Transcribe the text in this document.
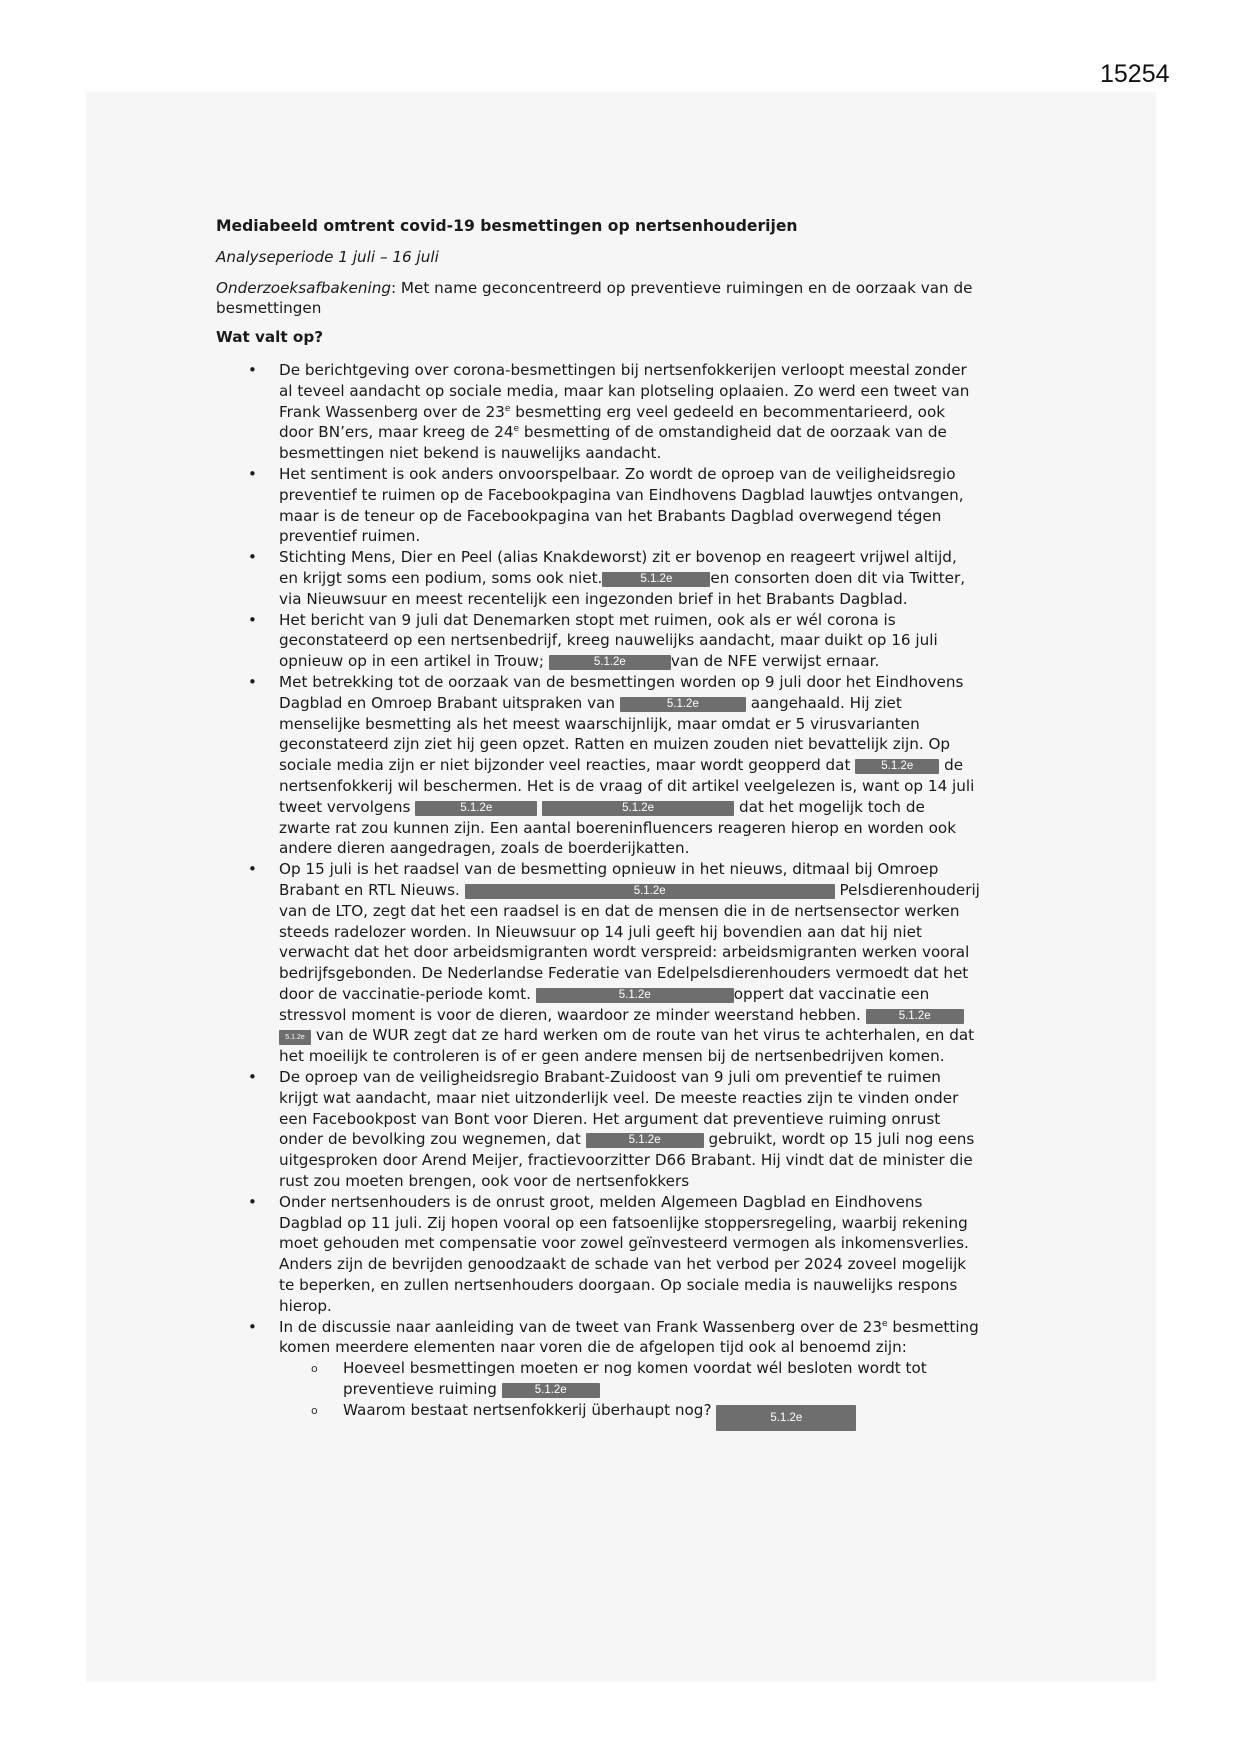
15254
Mediabeeld omtrent covid-19 besmettingen op nertsenhouderijen
Analyseperiode 1 juli – 16 juli
Onderzoeksafbakening: Met name geconcentreerd op preventieve ruimingen en de oorzaak van de besmettingen
Wat valt op?
• De berichtgeving over corona-besmettingen bij nertsenfokkerijen verloopt meestal zonder
al teveel aandacht op sociale media, maar kan plotseling oplaaien. Zo werd een tweet van
Frank Wassenberg over de 23e besmetting erg veel gedeeld en becommentarieerd, ook
door BN’ers, maar kreeg de 24e besmetting of de omstandigheid dat de oorzaak van de
besmettingen niet bekend is nauwelijks aandacht.
• Het sentiment is ook anders onvoorspelbaar. Zo wordt de oproep van de veiligheidsregio
preventief te ruimen op de Facebookpagina van Eindhovens Dagblad lauwtjes ontvangen,
maar is de teneur op de Facebookpagina van het Brabants Dagblad overwegend tégen
preventief ruimen.
• Stichting Mens, Dier en Peel (alias Knakdeworst) zit er bovenop en reageert vrijwel altijd,
en krijgt soms een podium, soms ook niet.	5.1.2e	en consorten doen dit via Twitter,
via Nieuwsuur en meest recentelijk een ingezonden brief in het Brabants Dagblad.
• Het bericht van 9 juli dat Denemarken stopt met ruimen, ook als er wél corona is
geconstateerd op een nertsenbedrijf, kreeg nauwelijks aandacht, maar duikt op 16 juli
opnieuw op in een artikel in Trouw;	5.1.2e	van de NFE verwijst ernaar.
• Met betrekking tot de oorzaak van de besmettingen worden op 9 juli door het Eindhovens
Dagblad en Omroep Brabant uitspraken van	5.1.2e	aangehaald. Hij ziet
menselijke besmetting als het meest waarschijnlijk, maar omdat er 5 virusvarianten
geconstateerd zijn ziet hij geen opzet. Ratten en muizen zouden niet bevattelijk zijn. Op
sociale media zijn er niet bijzonder veel reacties, maar wordt geopperd dat	5.1.2e de
nertsenfokkerij wil beschermen. Het is de vraag of dit artikel veelgelezen is, want op 14 juli
tweet vervolgens	5.1.2e	5.1.2e	dat het mogelijk toch de
zwarte rat zou kunnen zijn. Een aantal boereninfluencers reageren hierop en worden ook
andere dieren aangedragen, zoals de boerderijkatten.
• Op 15 juli is het raadsel van de besmetting opnieuw in het nieuws, ditmaal bij Omroep
Brabant en RTL Nieuws.	5.1.2e	Pelsdierenhouderij
van de LTO, zegt dat het een raadsel is en dat de mensen die in de nertsensector werken
steeds radelozer worden. In Nieuwsuur op 14 juli geeft hij bovendien aan dat hij niet
verwacht dat het door arbeidsmigranten wordt verspreid: arbeidsmigranten werken vooral
bedrijfsgebonden. De Nederlandse Federatie van Edelpelsdierenhouders vermoedt dat het
door de vaccinatie-periode komt.	5.1.2e	oppert dat vaccinatie een
stressvol moment is voor de dieren, waardoor ze minder weerstand hebben.	5.1.2e
5.1.2e van de WUR zegt dat ze hard werken om de route van het virus te achterhalen, en dat
het moeilijk te controleren is of er geen andere mensen bij de nertsenbedrijven komen.
• De oproep van de veiligheidsregio Brabant-Zuidoost van 9 juli om preventief te ruimen
krijgt wat aandacht, maar niet uitzonderlijk veel. De meeste reacties zijn te vinden onder
een Facebookpost van Bont voor Dieren. Het argument dat preventieve ruiming onrust
onder de bevolking zou wegnemen, dat	5.1.2e	gebruikt, wordt op 15 juli nog eens
uitgesproken door Arend Meijer, fractievoorzitter D66 Brabant. Hij vindt dat de minister die
rust zou moeten brengen, ook voor de nertsenfokkers
• Onder nertsenhouders is de onrust groot, melden Algemeen Dagblad en Eindhovens
Dagblad op 11 juli. Zij hopen vooral op een fatsoenlijke stoppersregeling, waarbij rekening
moet gehouden met compensatie voor zowel geïnvesteerd vermogen als inkomensverlies.
Anders zijn de bevrijden genoodzaakt de schade van het verbod per 2024 zoveel mogelijk
te beperken, en zullen nertsenhouders doorgaan. Op sociale media is nauwelijks respons
hierop.
• In de discussie naar aanleiding van de tweet van Frank Wassenberg over de 23e besmetting
komen meerdere elementen naar voren die de afgelopen tijd ook al benoemd zijn:
o Hoeveel besmettingen moeten er nog komen voordat wél besloten wordt tot
preventieve ruiming	5.1.2e
o Waarom bestaat nertsenfokkerij überhaupt nog?	5.1.2e
